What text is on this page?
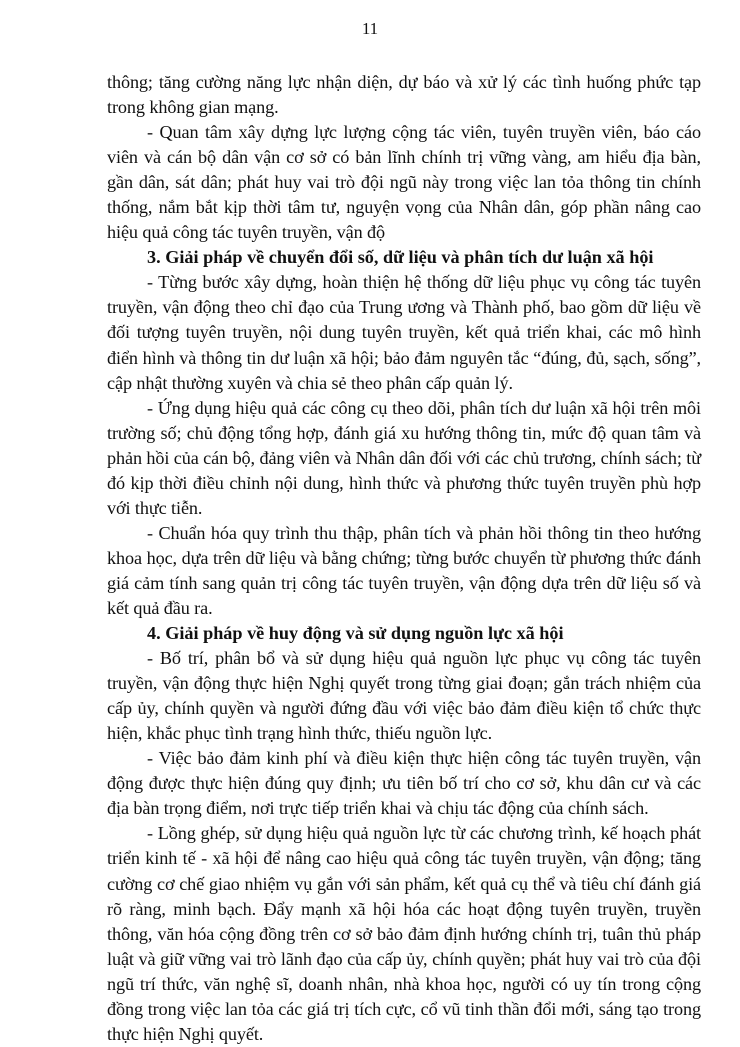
11

thông; tăng cường năng lực nhận diện, dự báo và xử lý các tình huống phức tạp trong không gian mạng.

- Quan tâm xây dựng lực lượng cộng tác viên, tuyên truyền viên, báo cáo viên và cán bộ dân vận cơ sở có bản lĩnh chính trị vững vàng, am hiểu địa bàn, gần dân, sát dân; phát huy vai trò đội ngũ này trong việc lan tỏa thông tin chính thống, nắm bắt kịp thời tâm tư, nguyện vọng của Nhân dân, góp phần nâng cao hiệu quả công tác tuyên truyền, vận độ

3. Giải pháp về chuyển đổi số, dữ liệu và phân tích dư luận xã hội

- Từng bước xây dựng, hoàn thiện hệ thống dữ liệu phục vụ công tác tuyên truyền, vận động theo chỉ đạo của Trung ương và Thành phố, bao gồm dữ liệu về đối tượng tuyên truyền, nội dung tuyên truyền, kết quả triển khai, các mô hình điển hình và thông tin dư luận xã hội; bảo đảm nguyên tắc “đúng, đủ, sạch, sống”, cập nhật thường xuyên và chia sẻ theo phân cấp quản lý.

- Ứng dụng hiệu quả các công cụ theo dõi, phân tích dư luận xã hội trên môi trường số; chủ động tổng hợp, đánh giá xu hướng thông tin, mức độ quan tâm và phản hồi của cán bộ, đảng viên và Nhân dân đối với các chủ trương, chính sách; từ đó kịp thời điều chỉnh nội dung, hình thức và phương thức tuyên truyền phù hợp với thực tiễn.

- Chuẩn hóa quy trình thu thập, phân tích và phản hồi thông tin theo hướng khoa học, dựa trên dữ liệu và bằng chứng; từng bước chuyển từ phương thức đánh giá cảm tính sang quản trị công tác tuyên truyền, vận động dựa trên dữ liệu số và kết quả đầu ra.

4. Giải pháp về huy động và sử dụng nguồn lực xã hội

- Bố trí, phân bổ và sử dụng hiệu quả nguồn lực phục vụ công tác tuyên truyền, vận động thực hiện Nghị quyết trong từng giai đoạn; gắn trách nhiệm của cấp ủy, chính quyền và người đứng đầu với việc bảo đảm điều kiện tổ chức thực hiện, khắc phục tình trạng hình thức, thiếu nguồn lực.

- Việc bảo đảm kinh phí và điều kiện thực hiện công tác tuyên truyền, vận động được thực hiện đúng quy định; ưu tiên bố trí cho cơ sở, khu dân cư và các địa bàn trọng điểm, nơi trực tiếp triển khai và chịu tác động của chính sách.

- Lồng ghép, sử dụng hiệu quả nguồn lực từ các chương trình, kế hoạch phát triển kinh tế - xã hội để nâng cao hiệu quả công tác tuyên truyền, vận động; tăng cường cơ chế giao nhiệm vụ gắn với sản phẩm, kết quả cụ thể và tiêu chí đánh giá rõ ràng, minh bạch. Đẩy mạnh xã hội hóa các hoạt động tuyên truyền, truyền thông, văn hóa cộng đồng trên cơ sở bảo đảm định hướng chính trị, tuân thủ pháp luật và giữ vững vai trò lãnh đạo của cấp ủy, chính quyền; phát huy vai trò của đội ngũ trí thức, văn nghệ sĩ, doanh nhân, nhà khoa học, người có uy tín trong cộng đồng trong việc lan tỏa các giá trị tích cực, cổ vũ tinh thần đổi mới, sáng tạo trong thực hiện Nghị quyết.
